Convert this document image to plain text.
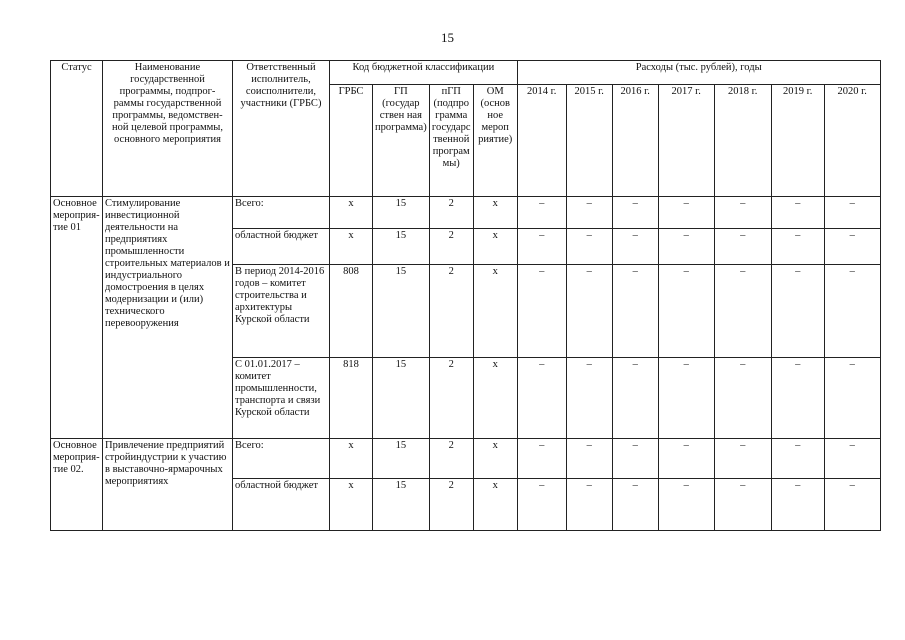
15
Статус	Наименование государственной программы, подпрог-раммы государственной программы, ведомствен-ной целевой программы, основного мероприятия	Ответственный исполнитель, соисполнители, участники (ГРБС)	Код бюджетной классификации				Расходы (тыс. рублей), годы						
			ГРБС	ГП (государ ствен ная программа)	пГП (подпро грамма государс твенной програм мы)	ОМ (основ ное мероп риятие)	2014 г.	2015 г.	2016 г.	2017 г.	2018 г.	2019 г.	2020 г.
Основное мероприя-тие 01	Стимулирование инвестиционной деятельности на предприятиях промышленности строительных материалов и индустриального домостроения в целях модернизации и (или) технического перевооружения	Всего:	х	15	2	х	–	–	–	–	–	–	–
		областной бюджет	х	15	2	х	–	–	–	–	–	–	–
		В период 2014-2016 годов – комитет строительства и архитектуры Курской области	808	15	2	х	–	–	–	–	–	–	–
		С 01.01.2017 – комитет промышленности, транспорта и связи Курской области	818	15	2	х	–	–	–	–	–	–	–
Основное мероприя-тие 02.	Привлечение предприятий стройиндустрии к участию в выставочно-ярмарочных мероприятиях	Всего:	х	15	2	х	–	–	–	–	–	–	–
		областной бюджет	х	15	2	х	–	–	–	–	–	–	–
